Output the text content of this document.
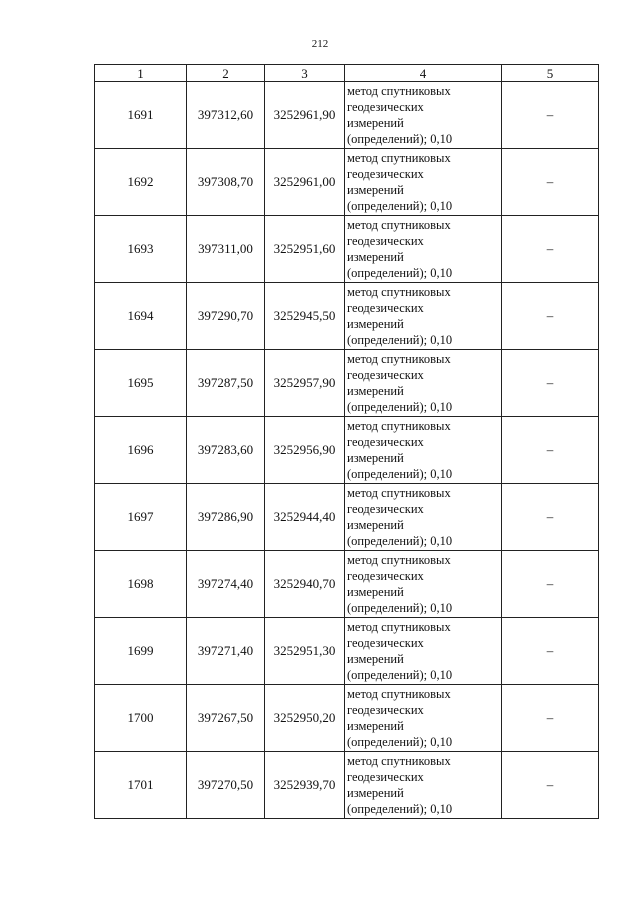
212
1	2	3	4	5
1691	397312,60	3252961,90	метод спутниковых
геодезических
измерений
(определений); 0,10	–
1692	397308,70	3252961,00	метод спутниковых
геодезических
измерений
(определений); 0,10	–
1693	397311,00	3252951,60	метод спутниковых
геодезических
измерений
(определений); 0,10	–
1694	397290,70	3252945,50	метод спутниковых
геодезических
измерений
(определений); 0,10	–
1695	397287,50	3252957,90	метод спутниковых
геодезических
измерений
(определений); 0,10	–
1696	397283,60	3252956,90	метод спутниковых
геодезических
измерений
(определений); 0,10	–
1697	397286,90	3252944,40	метод спутниковых
геодезических
измерений
(определений); 0,10	–
1698	397274,40	3252940,70	метод спутниковых
геодезических
измерений
(определений); 0,10	–
1699	397271,40	3252951,30	метод спутниковых
геодезических
измерений
(определений); 0,10	–
1700	397267,50	3252950,20	метод спутниковых
геодезических
измерений
(определений); 0,10	–
1701	397270,50	3252939,70	метод спутниковых
геодезических
измерений
(определений); 0,10	–
